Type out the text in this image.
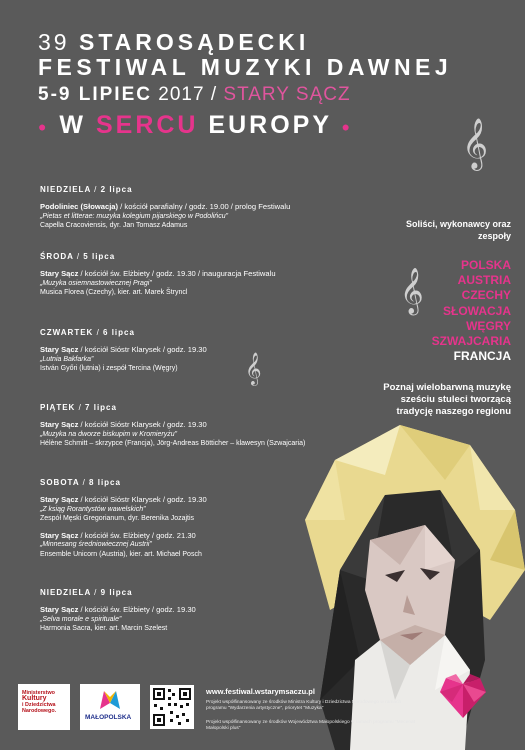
39 STAROSĄDECKI
FESTIWAL MUZYKI DAWNEJ
5-9 LIPIEC 2017 / STARY SĄCZ
● W SERCU EUROPY ●	𝄞
𝄞
𝄞
NIEDZIELA / 2 lipca
Podoliniec (Słowacja) / kościół parafialny / godz. 19.00 / prolog Festiwalu
„Pietas et litterae: muzyka kolegium pijarskiego w Podolińcu”
Capella Cracoviensis, dyr. Jan Tomasz Adamus
ŚRODA / 5 lipca
Stary Sącz / kościół św. Elżbiety / godz. 19.30 / inauguracja Festiwalu
„Muzyka osiemnastowiecznej Pragi”
Musica Florea (Czechy), kier. art. Marek Štryncl
CZWARTEK / 6 lipca
Stary Sącz / kościół Sióstr Klarysek / godz. 19.30
„Lutnia Bakfarka”
István Győri (lutnia) i zespół Tercina (Węgry)
PIĄTEK / 7 lipca
Stary Sącz / kościół Sióstr Klarysek / godz. 19.30
„Muzyka na dworze biskupim w Kromieryżu”
Hélène Schmitt – skrzypce (Francja), Jörg-Andreas Bötticher – klawesyn (Szwajcaria)
SOBOTA / 8 lipca
Stary Sącz / kościół Sióstr Klarysek / godz. 19.30
„Z ksiąg Rorantystów wawelskich”
Zespół Męski Gregorianum, dyr. Berenika Jozajtis
Stary Sącz / kościół św. Elżbiety / godz. 21.30
„Minnesang średniowiecznej Austrii”
Ensemble Unicorn (Austria), kier. art. Michael Posch
NIEDZIELA / 9 lipca
Stary Sącz / kościół św. Elżbiety / godz. 19.30
„Selva morale e spirituale”
Harmonia Sacra, kier. art. Marcin Szelest
Soliści, wykonawcy oraz zespoły
POLSKA
AUSTRIA
CZECHY
SŁOWACJA
WĘGRY
SZWAJCARIA
FRANCJA
Poznaj wielobarwną muzykę sześciu stuleci tworzącą tradycję naszego regionu
Ministerstwo
Kultury
i Dziedzictwa
Narodowego.
MAŁOPOLSKA
www.festiwal.wstarymsaczu.pl
Projekt współfinansowany ze środków Ministra Kultury i Dziedzictwa Narodowego w ramach programu "Wydarzenia artystyczne", priorytet "Muzyka"
Projekt współfinansowany ze środków Województwa Małopolskiego w ramach programu "Mecenat Małopolski plus"
